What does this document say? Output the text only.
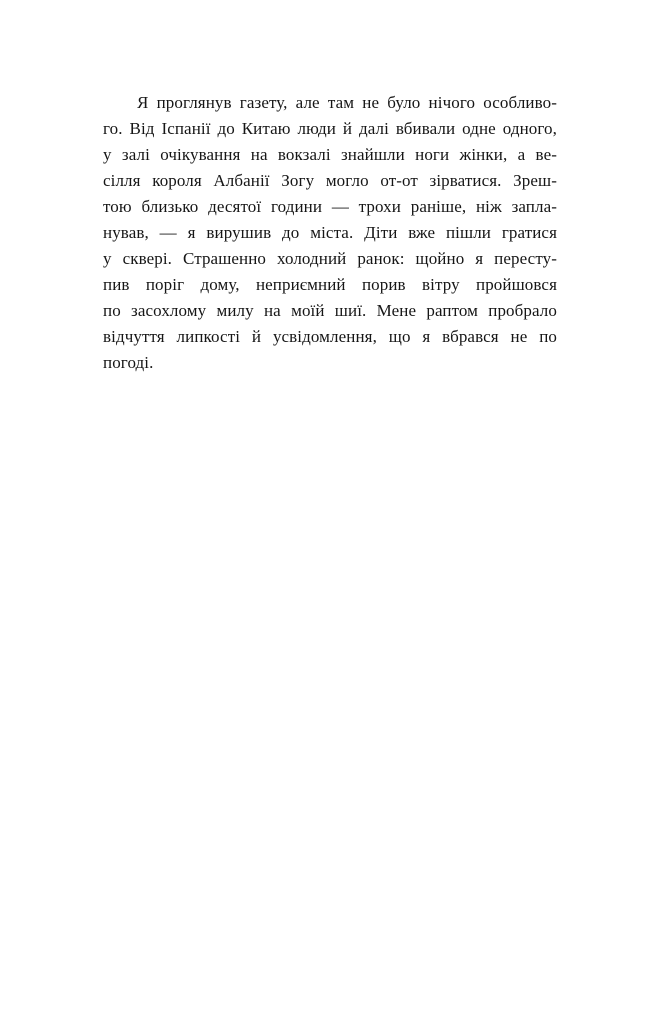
Я проглянув газету, але там не було нічого особливо-
го. Від Іспанії до Китаю люди й далі вбивали одне одного,
у залі очікування на вокзалі знайшли ноги жінки, а ве-
сілля короля Албанії Зогу могло от-от зірватися. Зреш-
тою близько десятої години — трохи раніше, ніж запла-
нував, — я вирушив до міста. Діти вже пішли гратися
у сквері. Страшенно холодний ранок: щойно я пересту-
пив поріг дому, неприємний порив вітру пройшовся
по засохлому милу на моїй шиї. Мене раптом пробрало
відчуття липкості й усвідомлення, що я вбрався не по
погоді.
